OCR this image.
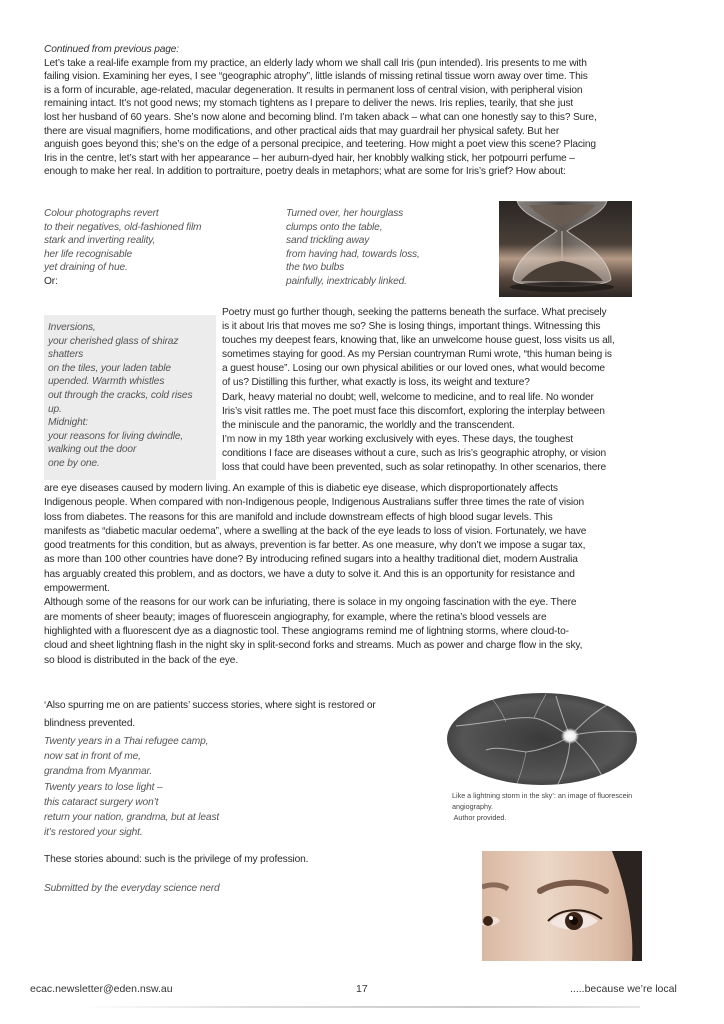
Continued from previous page:
Let’s take a real-life example from my practice, an elderly lady whom we shall call Iris (pun intended). Iris presents to me with
failing vision. Examining her eyes, I see “geographic atrophy”, little islands of missing retinal tissue worn away over time. This
is a form of incurable, age-related, macular degeneration. It results in permanent loss of central vision, with peripheral vision
remaining intact. It’s not good news; my stomach tightens as I prepare to deliver the news. Iris replies, tearily, that she just
lost her husband of 60 years. She’s now alone and becoming blind. I’m taken aback – what can one honestly say to this? Sure,
there are visual magnifiers, home modifications, and other practical aids that may guardrail her physical safety. But her
anguish goes beyond this; she’s on the edge of a personal precipice, and teetering. How might a poet view this scene? Placing
Iris in the centre, let’s start with her appearance – her auburn-dyed hair, her knobbly walking stick, her potpourri perfume –
enough to make her real. In addition to portraiture, poetry deals in metaphors; what are some for Iris’s grief? How about:
Colour photographs revert
to their negatives, old-fashioned film
stark and inverting reality,
her life recognisable
yet draining of hue.
Or:
Turned over, her hourglass
clumps onto the table,
sand trickling away
from having had, towards loss,
the two bulbs
painfully, inextricably linked.
Inversions,
your cherished glass of shiraz
shatters
on the tiles, your laden table
upended. Warmth whistles
out through the cracks, cold rises
up.
Midnight:
your reasons for living dwindle,
walking out the door
one by one.
Poetry must go further though, seeking the patterns beneath the surface. What precisely
is it about Iris that moves me so? She is losing things, important things. Witnessing this
touches my deepest fears, knowing that, like an unwelcome house guest, loss visits us all,
sometimes staying for good. As my Persian countryman Rumi wrote, “this human being is
a guest house”. Losing our own physical abilities or our loved ones, what would become
of us? Distilling this further, what exactly is loss, its weight and texture?
Dark, heavy material no doubt; well, welcome to medicine, and to real life. No wonder
Iris’s visit rattles me. The poet must face this discomfort, exploring the interplay between
the miniscule and the panoramic, the worldly and the transcendent.
I’m now in my 18th year working exclusively with eyes. These days, the toughest
conditions I face are diseases without a cure, such as Iris’s geographic atrophy, or vision
loss that could have been prevented, such as solar retinopathy. In other scenarios, there
are eye diseases caused by modern living. An example of this is diabetic eye disease, which disproportionately affects
Indigenous people. When compared with non-Indigenous people, Indigenous Australians suffer three times the rate of vision
loss from diabetes. The reasons for this are manifold and include downstream effects of high blood sugar levels. This
manifests as “diabetic macular oedema”, where a swelling at the back of the eye leads to loss of vision. Fortunately, we have
good treatments for this condition, but as always, prevention is far better. As one measure, why don’t we impose a sugar tax,
as more than 100 other countries have done? By introducing refined sugars into a healthy traditional diet, modern Australia
has arguably created this problem, and as doctors, we have a duty to solve it. And this is an opportunity for resistance and
empowerment.
Although some of the reasons for our work can be infuriating, there is solace in my ongoing fascination with the eye. There
are moments of sheer beauty; images of fluorescein angiography, for example, where the retina’s blood vessels are
highlighted with a fluorescent dye as a diagnostic tool. These angiograms remind me of lightning storms, where cloud-to-
cloud and sheet lightning flash in the night sky in split-second forks and streams. Much as power and charge flow in the sky,
so blood is distributed in the back of the eye.
‘Also spurring me on are patients’ success stories, where sight is restored or
blindness prevented.
Twenty years in a Thai refugee camp,
now sat in front of me,
grandma from Myanmar.
Twenty years to lose light –
this cataract surgery won’t
return your nation, grandma, but at least
it’s restored your sight.
These stories abound: such is the privilege of my profession.
Submitted by the everyday science nerd
Like a lightning storm in the sky’: an image of fluorescein
angiography.
Author provided.
ecac.newsletter@eden.nsw.au	17	.....because we’re local
